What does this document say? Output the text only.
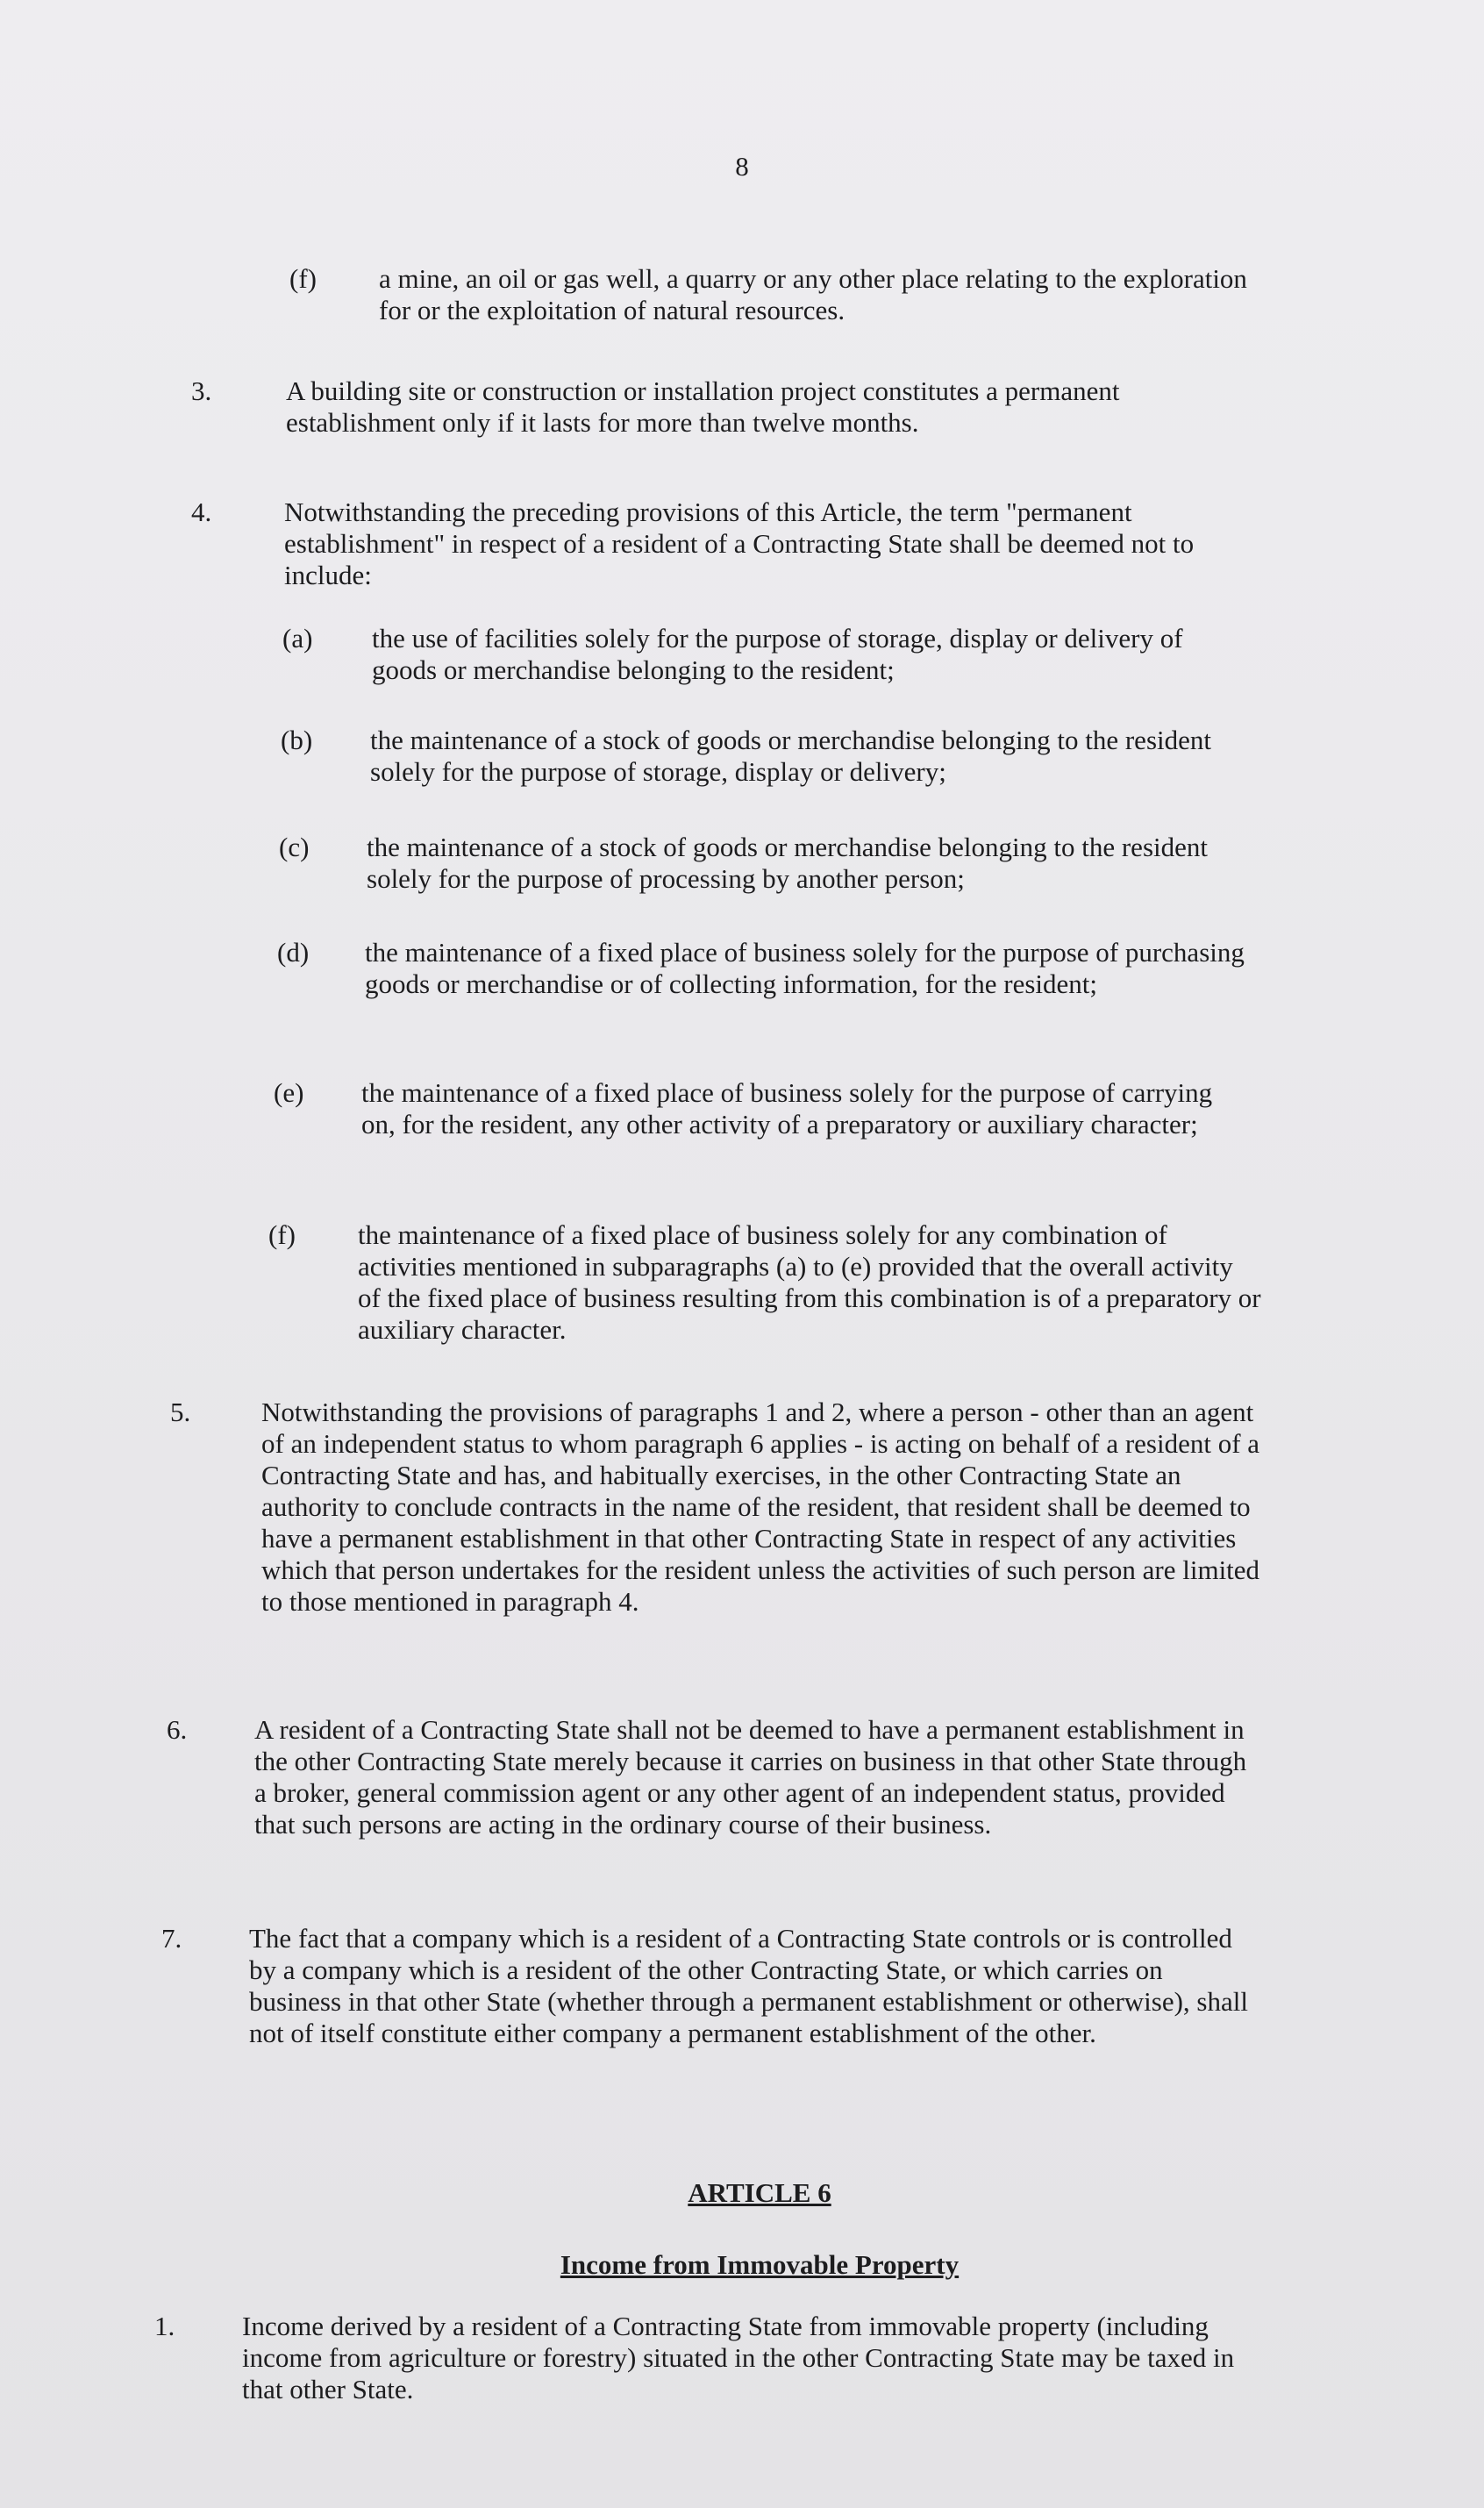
8
(f) a mine, an oil or gas well, a quarry or any other place relating to the exploration for or the exploitation of natural resources.
3.	A building site or construction or installation project constitutes a permanent establishment only if it lasts for more than twelve months.
4.	Notwithstanding the preceding provisions of this Article, the term "permanent establishment" in respect of a resident of a Contracting State shall be deemed not to include:
(a) the use of facilities solely for the purpose of storage, display or delivery of goods or merchandise belonging to the resident;
(b) the maintenance of a stock of goods or merchandise belonging to the resident solely for the purpose of storage, display or delivery;
(c) the maintenance of a stock of goods or merchandise belonging to the resident solely for the purpose of processing by another person;
(d) the maintenance of a fixed place of business solely for the purpose of purchasing goods or merchandise or of collecting information, for the resident;
(e) the maintenance of a fixed place of business solely for the purpose of carrying on, for the resident, any other activity of a preparatory or auxiliary character;
(f) the maintenance of a fixed place of business solely for any combination of activities mentioned in subparagraphs (a) to (e) provided that the overall activity of the fixed place of business resulting from this combination is of a preparatory or auxiliary character.
5.	Notwithstanding the provisions of paragraphs 1 and 2, where a person - other than an agent of an independent status to whom paragraph 6 applies - is acting on behalf of a resident of a Contracting State and has, and habitually exercises, in the other Contracting State an authority to conclude contracts in the name of the resident, that resident shall be deemed to have a permanent establishment in that other Contracting State in respect of any activities which that person undertakes for the resident unless the activities of such person are limited to those mentioned in paragraph 4.
6. A resident of a Contracting State shall not be deemed to have a permanent establishment in the other Contracting State merely because it carries on business in that other State through a broker, general commission agent or any other agent of an independent status, provided that such persons are acting in the ordinary course of their business.
7. The fact that a company which is a resident of a Contracting State controls or is controlled by a company which is a resident of the other Contracting State, or which carries on business in that other State (whether through a permanent establishment or otherwise), shall not of itself constitute either company a permanent establishment of the other.
ARTICLE 6
Income from Immovable Property
1. Income derived by a resident of a Contracting State from immovable property (including income from agriculture or forestry) situated in the other Contracting State may be taxed in that other State.
